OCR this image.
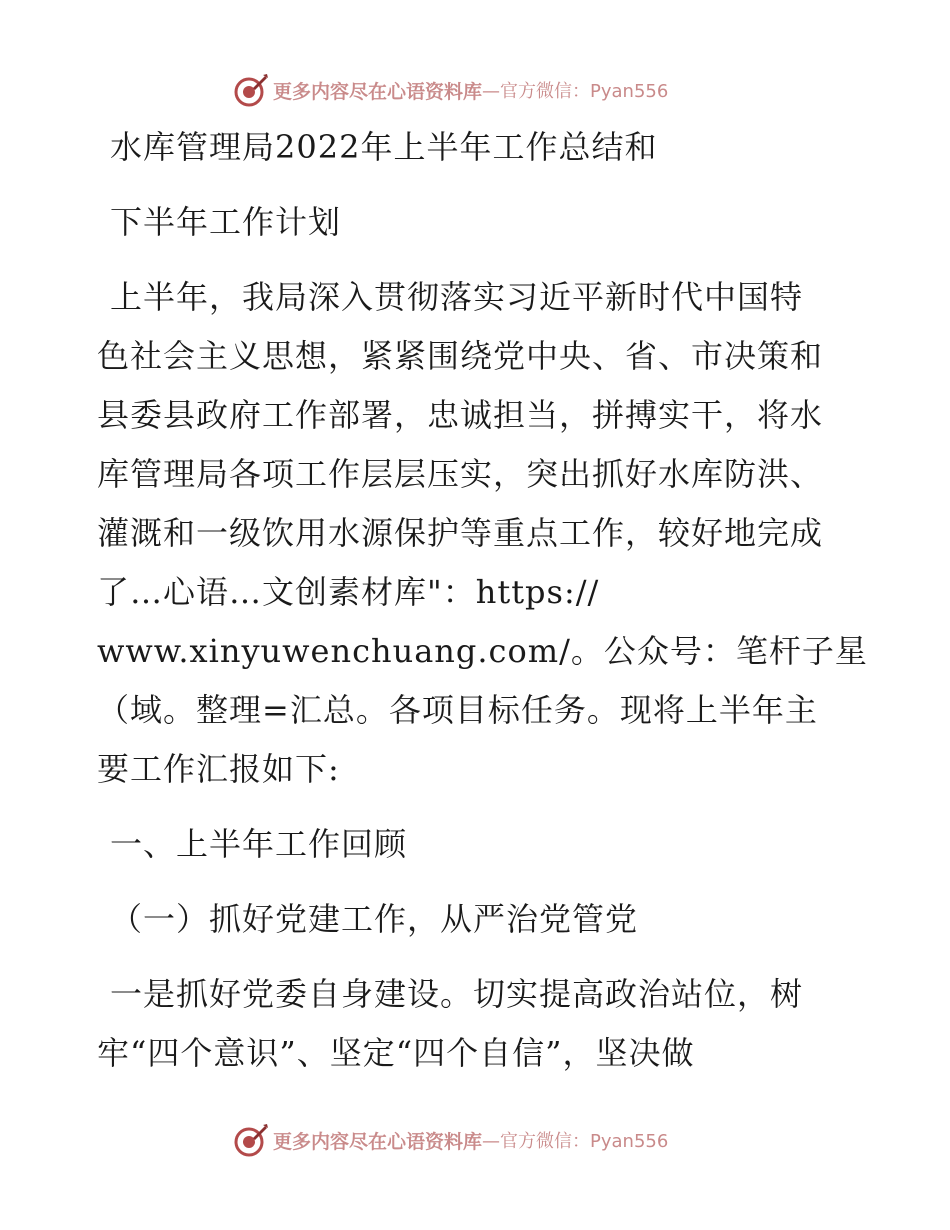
更多内容尽在心语资料库 —官方微信：Pyan556
水库管理局2022年上半年工作总结和
下半年工作计划
上半年，我局深入贯彻落实习近平新时代中国特
色社会主义思想，紧紧围绕党中央、省、市决策和
县委县政府工作部署，忠诚担当，拼搏实干，将水
库管理局各项工作层层压实，突出抓好水库防洪、
灌溉和一级饮用水源保护等重点工作，较好地完成
了…心语…文创素材库"：https://
www.xinyuwenchuang.com/。公众号：笔杆子星
（域。整理=汇总。各项目标任务。现将上半年主
要工作汇报如下:
一、上半年工作回顾
（一）抓好党建工作，从严治党管党
一是抓好党委自身建设。切实提高政治站位，树
牢“四个意识”、坚定“四个自信”，坚决做
更多内容尽在心语资料库 —官方微信：Pyan556
